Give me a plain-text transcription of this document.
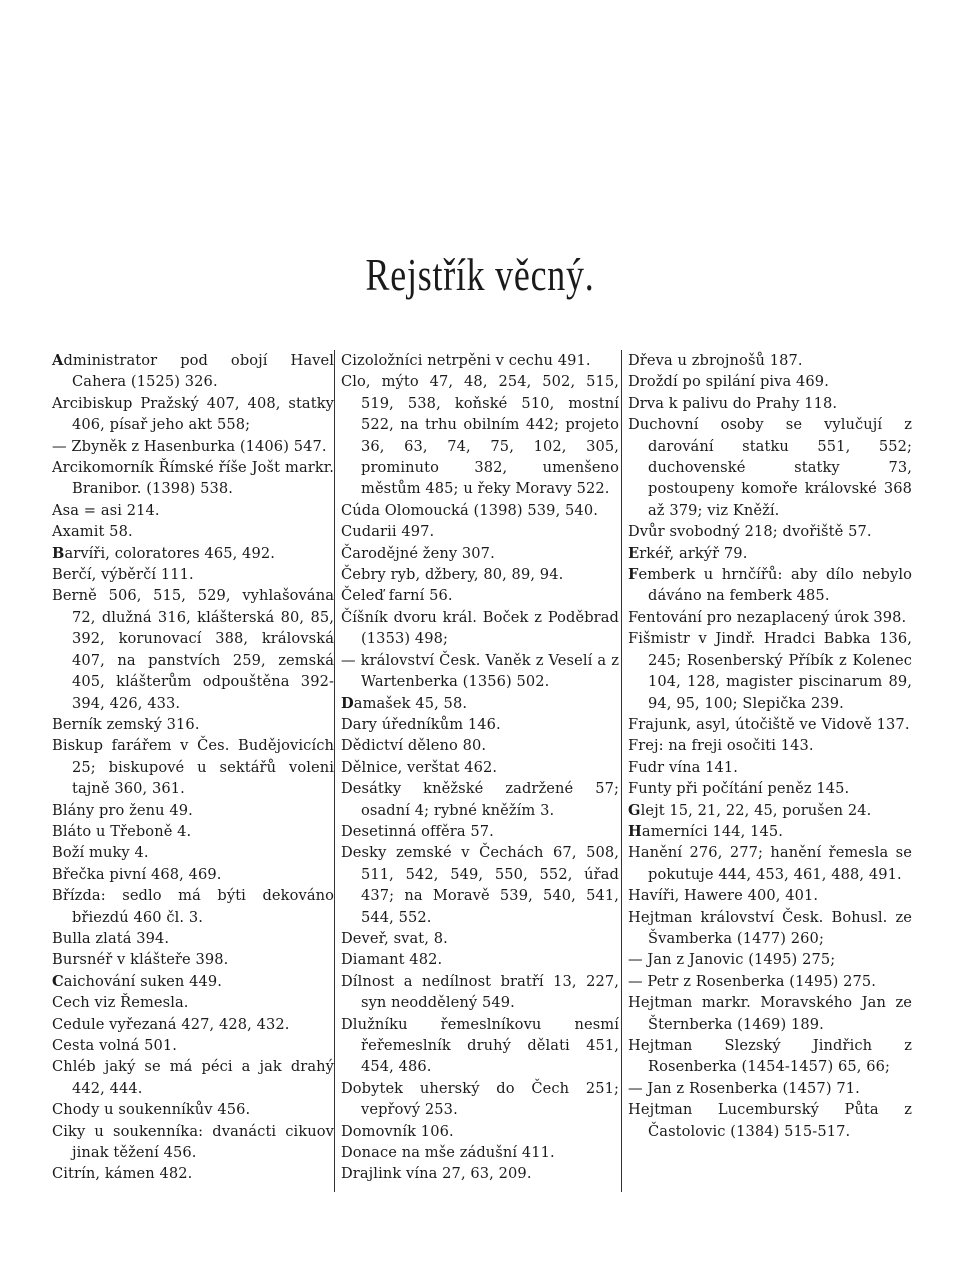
Rejstřík věcný.

Administrator pod obojí Havel Cahera (1525) 326.

Arcibiskup Pražský 407, 408, statky 406, písař jeho akt 558;

— Zbyněk z Hasenburka (1406) 547.

Arcikomorník Římské říše Jošt markr. Branibor. (1398) 538.

Asa = asi 214.

Axamit 58.

Barvíři, coloratores 465, 492.

Berčí, výběrčí 111.

Berně 506, 515, 529, vyhlašována 72, dlužná 316, klášterská 80, 85, 392, korunovací 388, královská 407, na panstvích 259, zemská 405, klášterům odpouštěna 392-394, 426, 433.

Berník zemský 316.

Biskup farářem v Čes. Budějovicích 25; biskupové u sektářů voleni tajně 360, 361.

Blány pro ženu 49.

Bláto u Třeboně 4.

Boží muky 4.

Břečka pivní 468, 469.

Břízda: sedlo má býti dekováno břiezdú 460 čl. 3.

Bulla zlatá 394.

Bursnéř v klášteře 398.

Caichování suken 449.

Cech viz Řemesla.

Cedule vyřezaná 427, 428, 432.

Cesta volná 501.

Chléb jaký se má péci a jak drahý 442, 444.

Chody u soukenníkův 456.

Ciky u soukenníka: dvanácti cikuov jinak těžení 456.

Citrín, kámen 482.

Cizoložníci netrpěni v cechu 491.

Clo, mýto 47, 48, 254, 502, 515, 519, 538, koňské 510, mostní 522, na trhu obilním 442; projeto 36, 63, 74, 75, 102, 305, prominuto 382, umenšeno městům 485; u řeky Moravy 522.

Cúda Olomoucká (1398) 539, 540.

Cudarii 497.

Čarodějné ženy 307.

Čebry ryb, džbery, 80, 89, 94.

Čeleď farní 56.

Číšník dvoru král. Boček z Poděbrad (1353) 498;

— království Česk. Vaněk z Veselí a z Wartenberka (1356) 502.

Damašek 45, 58.

Dary úředníkům 146.

Dědictví děleno 80.

Dělnice, verštat 462.

Desátky kněžské zadržené 57; osadní 4; rybné kněžím 3.

Desetinná offěra 57.

Desky zemské v Čechách 67, 508, 511, 542, 549, 550, 552, úřad 437; na Moravě 539, 540, 541, 544, 552.

Deveř, svat, 8.

Diamant 482.

Dílnost a nedílnost bratří 13, 227, syn neoddělený 549.

Dlužníku řemeslníkovu nesmí řeřemeslník druhý dělati 451, 454, 486.

Dobytek uherský do Čech 251; vepřový 253.

Domovník 106.

Donace na mše zádušní 411.

Drajlink vína 27, 63, 209.

Dřeva u zbrojnošů 187.

Droždí po spilání piva 469.

Drva k palivu do Prahy 118.

Duchovní osoby se vylučují z darování statku 551, 552; duchovenské statky 73, postoupeny komoře královské 368 až 379; viz Kněží.

Dvůr svobodný 218; dvořiště 57.

Erkéř, arkýř 79.

Femberk u hrnčířů: aby dílo nebylo dáváno na femberk 485.

Fentování pro nezaplacený úrok 398.

Fišmistr v Jindř. Hradci Babka 136, 245; Rosenberský Příbík z Kolenec 104, 128, magister piscinarum 89, 94, 95, 100; Slepička 239.

Frajunk, asyl, útočiště ve Vidově 137.

Frej: na freji osočiti 143.

Fudr vína 141.

Funty při počítání peněz 145.

Glejt 15, 21, 22, 45, porušen 24.

Hamerníci 144, 145.

Hanění 276, 277; hanění řemesla se pokutuje 444, 453, 461, 488, 491.

Havíři, Hawere 400, 401.

Hejtman království Česk. Bohusl. ze Švamberka (1477) 260;

— Jan z Janovic (1495) 275;

— Petr z Rosenberka (1495) 275.

Hejtman markr. Moravského Jan ze Šternberka (1469) 189.

Hejtman Slezský Jindřich z Rosenberka (1454-1457) 65, 66;

— Jan z Rosenberka (1457) 71.

Hejtman Lucemburský Půta z Častolovic (1384) 515-517.
